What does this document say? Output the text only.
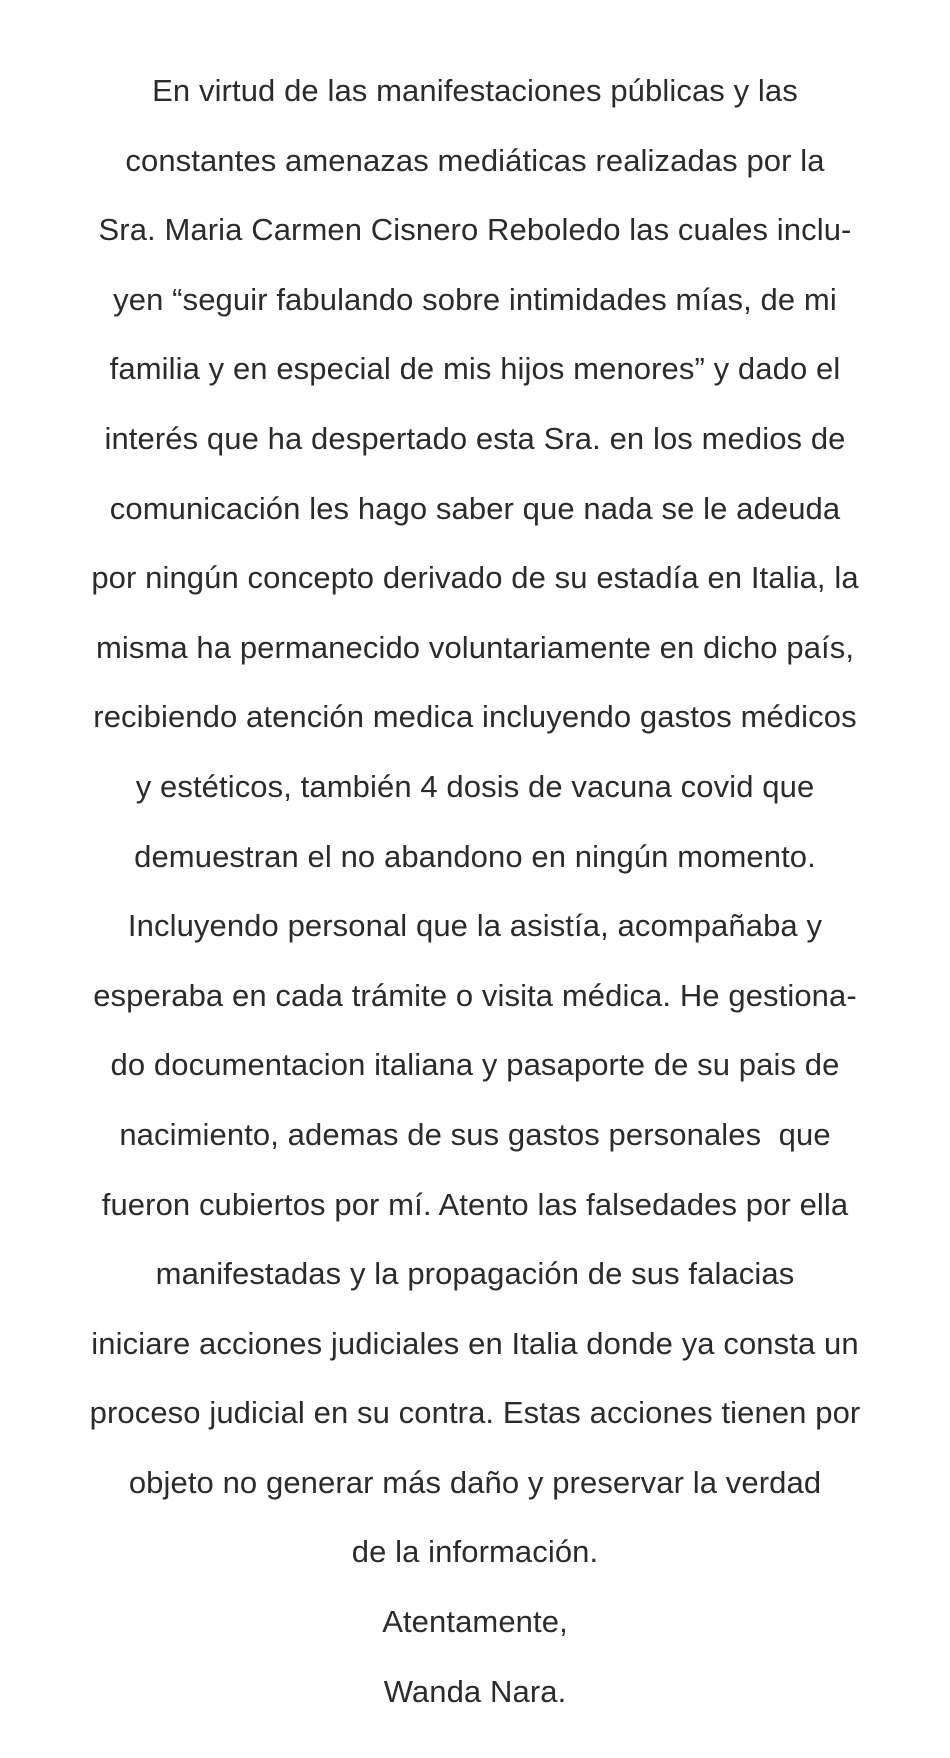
En virtud de las manifestaciones públicas y las
constantes amenazas mediáticas realizadas por la
Sra. Maria Carmen Cisnero Reboledo las cuales inclu-
yen “seguir fabulando sobre intimidades mías, de mi
familia y en especial de mis hijos menores” y dado el
interés que ha despertado esta Sra. en los medios de
comunicación les hago saber que nada se le adeuda
por ningún concepto derivado de su estadía en Italia, la
misma ha permanecido voluntariamente en dicho país,
recibiendo atención medica incluyendo gastos médicos
y estéticos, también 4 dosis de vacuna covid que
demuestran el no abandono en ningún momento.
Incluyendo personal que la asistía, acompañaba y
esperaba en cada trámite o visita médica. He gestiona-
do documentacion italiana y pasaporte de su pais de
nacimiento, ademas de sus gastos personales  que
fueron cubiertos por mí. Atento las falsedades por ella
manifestadas y la propagación de sus falacias
iniciare acciones judiciales en Italia donde ya consta un
proceso judicial en su contra. Estas acciones tienen por
objeto no generar más daño y preservar la verdad
de la información.
Atentamente,
Wanda Nara.
